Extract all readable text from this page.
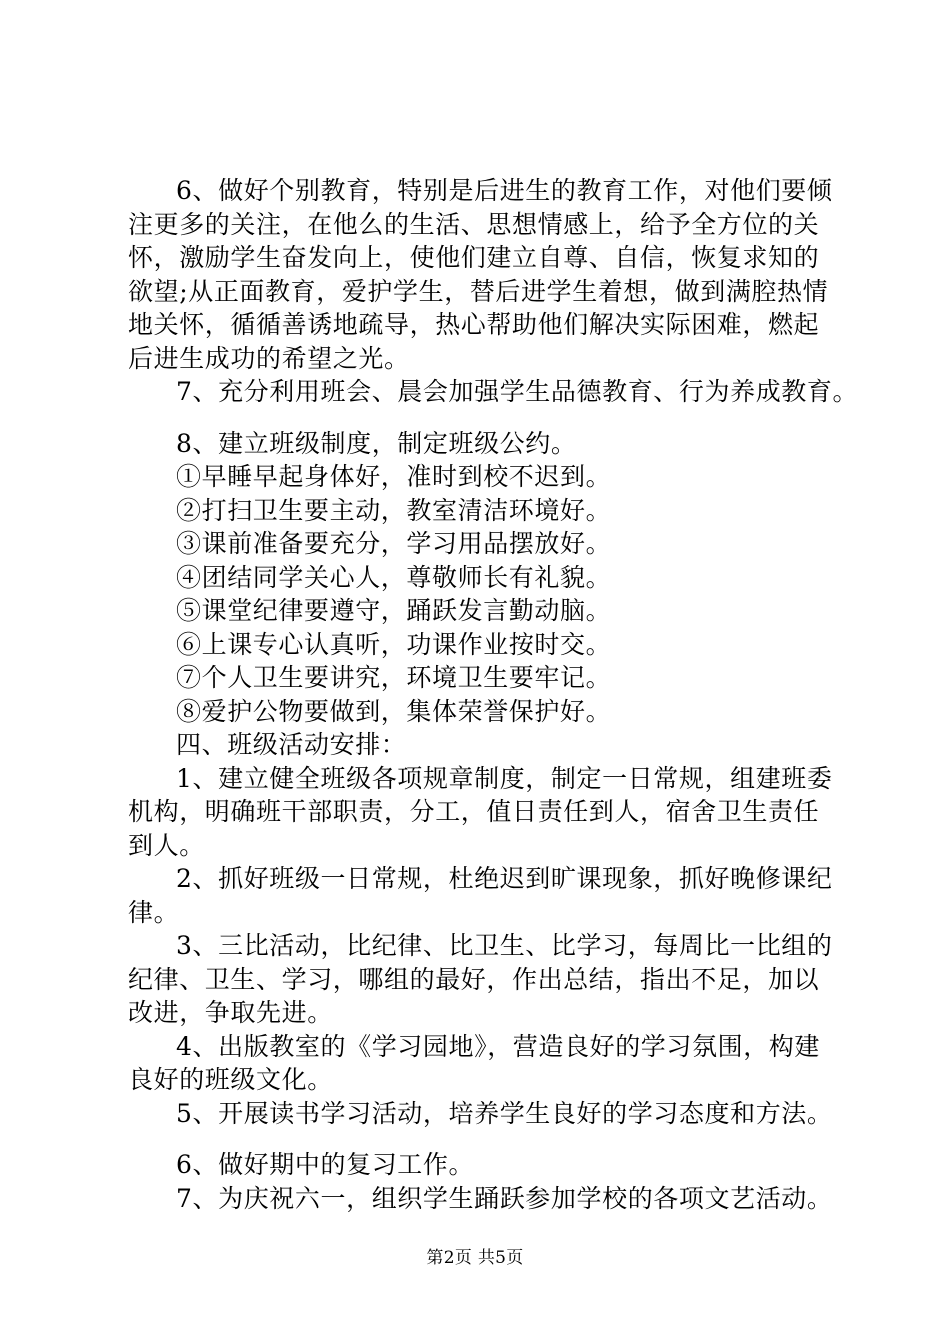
6、做好个别教育，特别是后进生的教育工作，对他们要倾
注更多的关注，在他么的生活、思想情感上，给予全方位的关
怀，激励学生奋发向上，使他们建立自尊、自信，恢复求知的
欲望;从正面教育，爱护学生，替后进学生着想，做到满腔热情
地关怀，循循善诱地疏导，热心帮助他们解决实际困难，燃起
后进生成功的希望之光。
7、充分利用班会、晨会加强学生品德教育、行为养成教育。
8、建立班级制度，制定班级公约。
①早睡早起身体好，准时到校不迟到。
②打扫卫生要主动，教室清洁环境好。
③课前准备要充分，学习用品摆放好。
④团结同学关心人，尊敬师长有礼貌。
⑤课堂纪律要遵守，踊跃发言勤动脑。
⑥上课专心认真听，功课作业按时交。
⑦个人卫生要讲究，环境卫生要牢记。
⑧爱护公物要做到，集体荣誉保护好。
四、班级活动安排：
1、建立健全班级各项规章制度，制定一日常规，组建班委
机构，明确班干部职责，分工，值日责任到人，宿舍卫生责任
到人。
2、抓好班级一日常规，杜绝迟到旷课现象，抓好晚修课纪
律。
3、三比活动，比纪律、比卫生、比学习，每周比一比组的
纪律、卫生、学习，哪组的最好，作出总结，指出不足，加以
改进，争取先进。
4、出版教室的《学习园地》，营造良好的学习氛围，构建
良好的班级文化。
5、开展读书学习活动，培养学生良好的学习态度和方法。
6、做好期中的复习工作。
7、为庆祝六一，组织学生踊跃参加学校的各项文艺活动。
第2页 共5页
